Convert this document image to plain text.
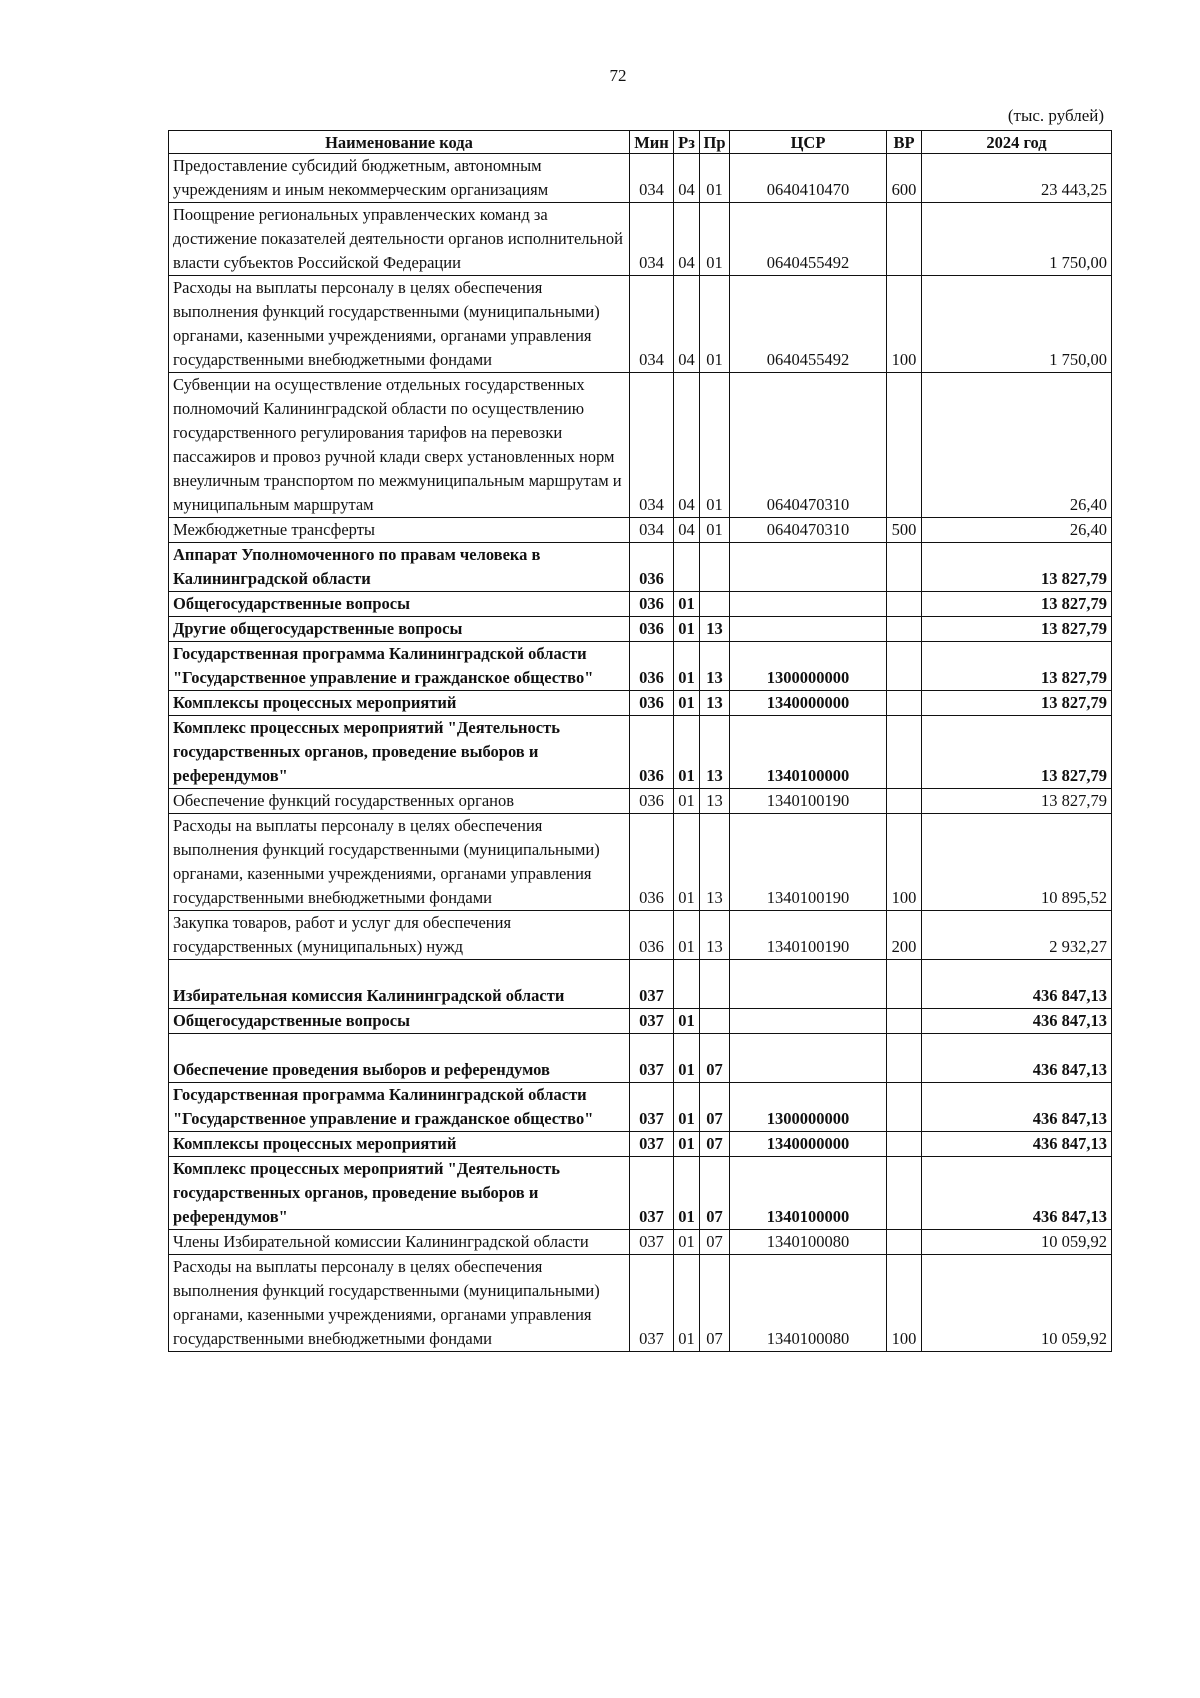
72
(тыс. рублей)
Наименование кода	Мин	Рз	Пр	ЦСР	ВР	2024 год
Предоставление субсидий бюджетным, автономным учреждениям и иным некоммерческим организациям	034	04	01	0640410470	600	23 443,25
Поощрение региональных управленческих команд за достижение показателей деятельности органов исполнительной власти субъектов Российской Федерации	034	04	01	0640455492		1 750,00
Расходы на выплаты персоналу в целях обеспечения выполнения функций государственными (муниципальными) органами, казенными учреждениями, органами управления государственными внебюджетными фондами	034	04	01	0640455492	100	1 750,00
Субвенции на осуществление отдельных государственных полномочий Калининградской области по осуществлению государственного регулирования тарифов на перевозки пассажиров и провоз ручной клади сверх установленных норм внеуличным транспортом по межмуниципальным маршрутам и муниципальным маршрутам	034	04	01	0640470310		26,40
Межбюджетные трансферты	034	04	01	0640470310	500	26,40
Аппарат Уполномоченного по правам человека в Калининградской области	036					13 827,79
Общегосударственные вопросы	036	01				13 827,79
Другие общегосударственные вопросы	036	01	13			13 827,79
Государственная программа Калининградской области "Государственное управление и гражданское общество"	036	01	13	1300000000		13 827,79
Комплексы процессных мероприятий	036	01	13	1340000000		13 827,79
Комплекс процессных мероприятий "Деятельность государственных органов, проведение выборов и референдумов"	036	01	13	1340100000		13 827,79
Обеспечение функций государственных органов	036	01	13	1340100190		13 827,79
Расходы на выплаты персоналу в целях обеспечения выполнения функций государственными (муниципальными) органами, казенными учреждениями, органами управления государственными внебюджетными фондами	036	01	13	1340100190	100	10 895,52
Закупка товаров, работ и услуг для обеспечения государственных (муниципальных) нужд	036	01	13	1340100190	200	2 932,27
Избирательная комиссия Калининградской области	037					436 847,13
Общегосударственные вопросы	037	01				436 847,13
Обеспечение проведения выборов и референдумов	037	01	07			436 847,13
Государственная программа Калининградской области "Государственное управление и гражданское общество"	037	01	07	1300000000		436 847,13
Комплексы процессных мероприятий	037	01	07	1340000000		436 847,13
Комплекс процессных мероприятий "Деятельность государственных органов, проведение выборов и референдумов"	037	01	07	1340100000		436 847,13
Члены Избирательной комиссии Калининградской области	037	01	07	1340100080		10 059,92
Расходы на выплаты персоналу в целях обеспечения выполнения функций государственными (муниципальными) органами, казенными учреждениями, органами управления государственными внебюджетными фондами	037	01	07	1340100080	100	10 059,92
